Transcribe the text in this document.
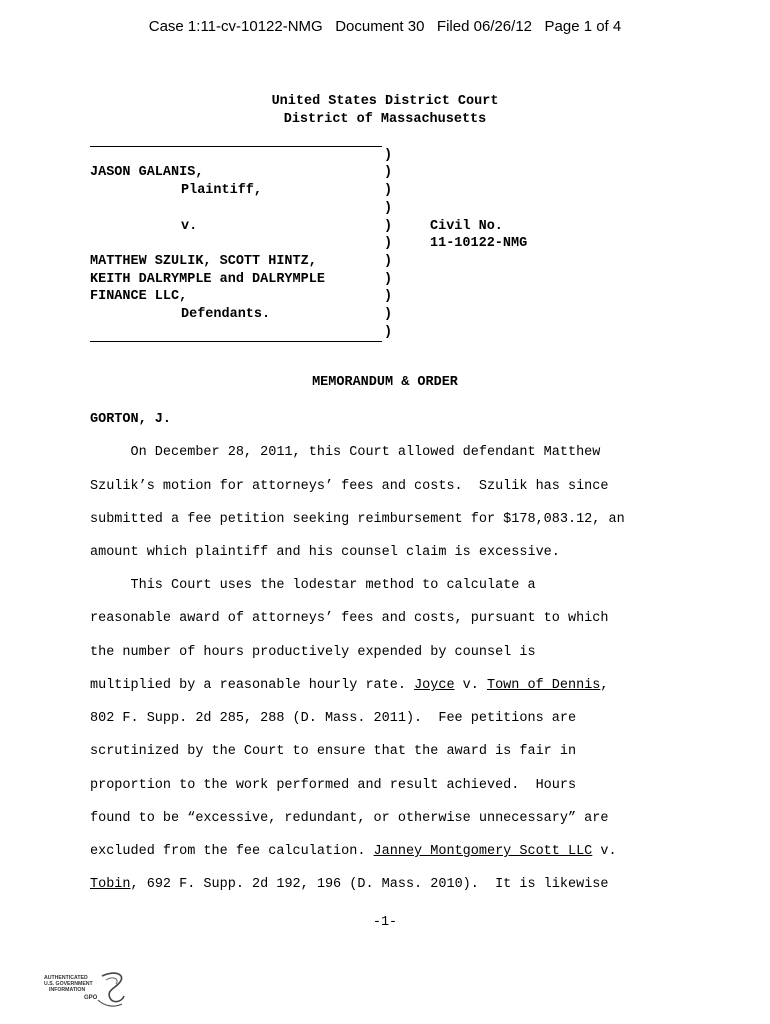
Case 1:11-cv-10122-NMG   Document 30   Filed 06/26/12   Page 1 of 4
United States District Court
District of Massachusetts
JASON GALANIS,
Plaintiff,
v.
MATTHEW SZULIK, SCOTT HINTZ,
KEITH DALRYMPLE and DALRYMPLE
FINANCE LLC,
Defendants.
)
)
)
)
)
)
)
)
)
)
)
Civil No.
11-10122-NMG
MEMORANDUM & ORDER
GORTON, J.
On December 28, 2011, this Court allowed defendant Matthew
Szulik’s motion for attorneys’ fees and costs.  Szulik has since
submitted a fee petition seeking reimbursement for $178,083.12, an
amount which plaintiff and his counsel claim is excessive.
This Court uses the lodestar method to calculate a
reasonable award of attorneys’ fees and costs, pursuant to which
the number of hours productively expended by counsel is
multiplied by a reasonable hourly rate. Joyce v. Town of Dennis,
802 F. Supp. 2d 285, 288 (D. Mass. 2011).  Fee petitions are
scrutinized by the Court to ensure that the award is fair in
proportion to the work performed and result achieved.  Hours
found to be “excessive, redundant, or otherwise unnecessary” are
excluded from the fee calculation. Janney Montgomery Scott LLC v.
Tobin, 692 F. Supp. 2d 192, 196 (D. Mass. 2010).  It is likewise
-1-
AUTHENTICATED
U.S. GOVERNMENT
INFORMATION
GPO
